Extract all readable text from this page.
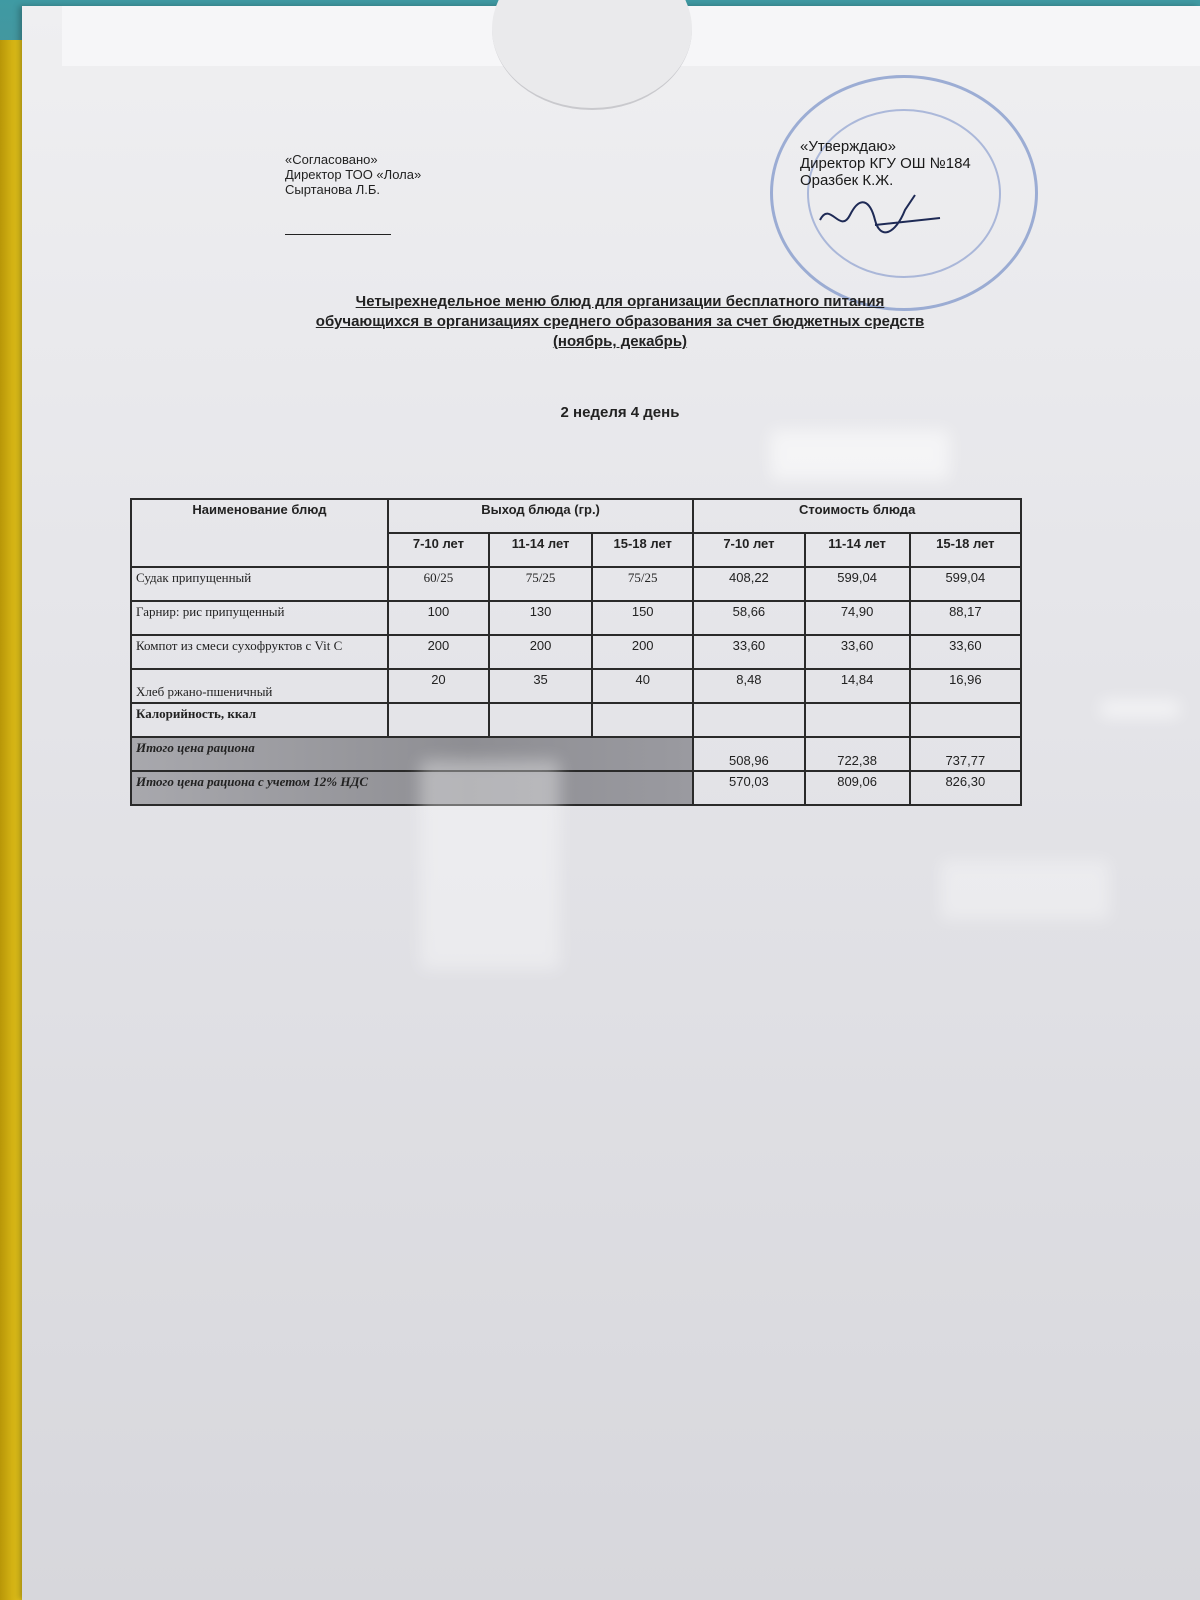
«Согласовано»
Директор ТОО «Лола»
Сыртанова Л.Б.
«Утверждаю»
Директор КГУ ОШ №184
Оразбек К.Ж.
Четырехнедельное меню блюд для организации бесплатного питания
обучающихся в организациях среднего образования за счет бюджетных средств
(ноябрь, декабрь)
2 неделя 4 день
Наименование блюд	Выход блюда (гр.)			Стоимость блюда		
	7-10 лет	11-14 лет	15-18 лет	7-10 лет	11-14 лет	15-18 лет
Судак припущенный	60/25	75/25	75/25	408,22	599,04	599,04
Гарнир: рис припущенный	100	130	150	58,66	74,90	88,17
Компот из смеси сухофруктов с Vit C	200	200	200	33,60	33,60	33,60
Хлеб ржано-пшеничный	20	35	40	8,48	14,84	16,96
Калорийность, ккал						
Итого цена рациона				508,96	722,38	737,77
Итого цена рациона с учетом 12% НДС				570,03	809,06	826,30
